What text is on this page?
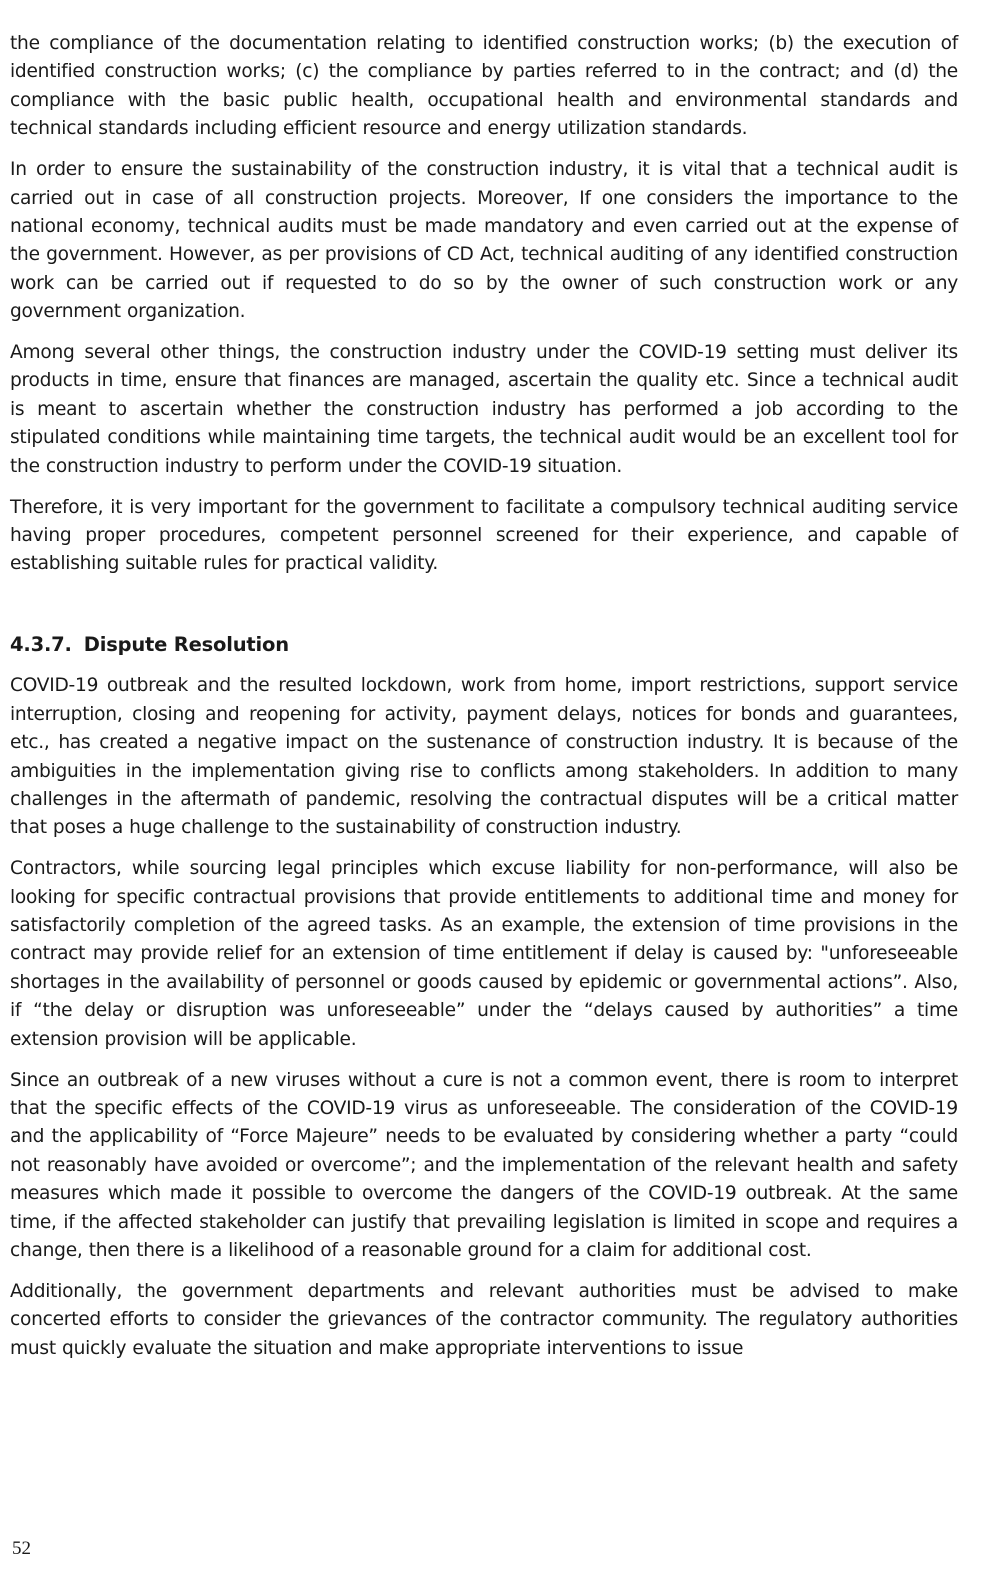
the compliance of the documentation relating to identified construction works; (b) the execution of identified construction works; (c) the compliance by parties referred to in the contract; and (d) the compliance with the basic public health, occupational health and environmental standards and technical standards including efficient resource and energy utilization standards.

In order to ensure the sustainability of the construction industry, it is vital that a technical audit is carried out in case of all construction projects. Moreover, If one considers the importance to the national economy, technical audits must be made mandatory and even carried out at the expense of the government. However, as per provisions of CD Act, technical auditing of any identified construction work can be carried out if requested to do so by the owner of such construction work or any government organization.

Among several other things, the construction industry under the COVID-19 setting must deliver its products in time, ensure that finances are managed, ascertain the quality etc. Since a technical audit is meant to ascertain whether the construction industry has performed a job according to the stipulated conditions while maintaining time targets, the technical audit would be an excellent tool for the construction industry to perform under the COVID-19 situation.

Therefore, it is very important for the government to facilitate a compulsory technical auditing service having proper procedures, competent personnel screened for their experience, and capable of establishing suitable rules for practical validity.

4.3.7. Dispute Resolution

COVID-19 outbreak and the resulted lockdown, work from home, import restrictions, support service interruption, closing and reopening for activity, payment delays, notices for bonds and guarantees, etc., has created a negative impact on the sustenance of construction industry. It is because of the ambiguities in the implementation giving rise to conflicts among stakeholders. In addition to many challenges in the aftermath of pandemic, resolving the contractual disputes will be a critical matter that poses a huge challenge to the sustainability of construction industry.

Contractors, while sourcing legal principles which excuse liability for non-performance, will also be looking for specific contractual provisions that provide entitlements to additional time and money for satisfactorily completion of the agreed tasks. As an example, the extension of time provisions in the contract may provide relief for an extension of time entitlement if delay is caused by: "unforeseeable shortages in the availability of personnel or goods caused by epidemic or governmental actions”. Also, if “the delay or disruption was unforeseeable” under the “delays caused by authorities” a time extension provision will be applicable.

Since an outbreak of a new viruses without a cure is not a common event, there is room to interpret that the specific effects of the COVID-19 virus as unforeseeable. The consideration of the COVID-19 and the applicability of “Force Majeure” needs to be evaluated by considering whether a party “could not reasonably have avoided or overcome”; and the implementation of the relevant health and safety measures which made it possible to overcome the dangers of the COVID-19 outbreak. At the same time, if the affected stakeholder can justify that prevailing legislation is limited in scope and requires a change, then there is a likelihood of a reasonable ground for a claim for additional cost.

Additionally, the government departments and relevant authorities must be advised to make concerted efforts to consider the grievances of the contractor community. The regulatory authorities must quickly evaluate the situation and make appropriate interventions to issue

52
